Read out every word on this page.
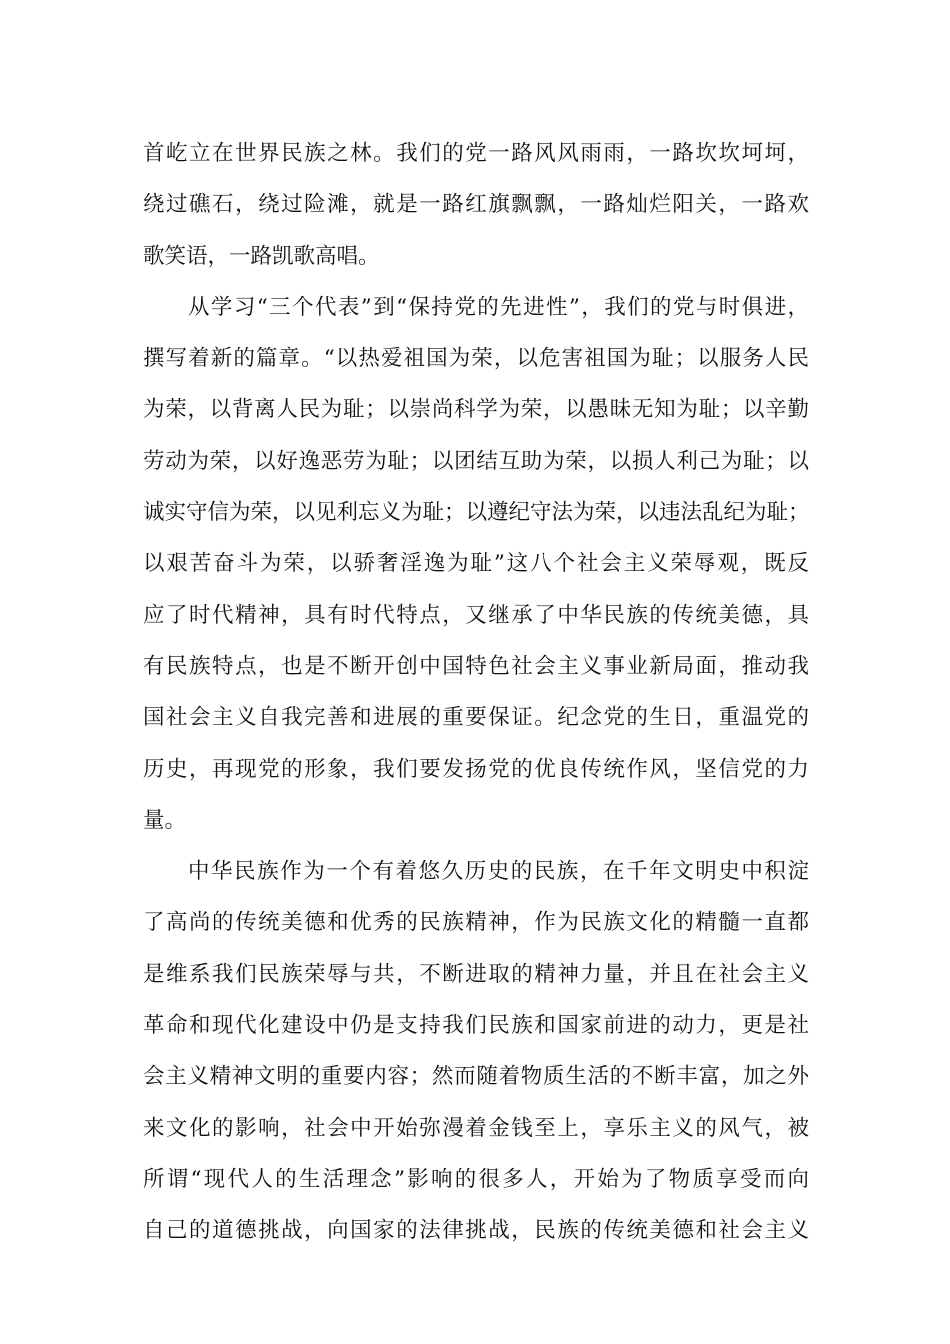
首屹立在世界民族之林。我们的党一路风风雨雨，一路坎坎坷坷，
绕过礁石，绕过险滩，就是一路红旗飘飘，一路灿烂阳关，一路欢
歌笑语，一路凯歌高唱。
从学习“三个代表”到“保持党的先进性”，我们的党与时俱进，
撰写着新的篇章。“以热爱祖国为荣，以危害祖国为耻；以服务人民
为荣，以背离人民为耻；以崇尚科学为荣，以愚昧无知为耻；以辛勤
劳动为荣，以好逸恶劳为耻；以团结互助为荣，以损人利己为耻；以
诚实守信为荣，以见利忘义为耻；以遵纪守法为荣，以违法乱纪为耻；
以艰苦奋斗为荣，以骄奢淫逸为耻”这八个社会主义荣辱观，既反
应了时代精神，具有时代特点，又继承了中华民族的传统美德，具
有民族特点，也是不断开创中国特色社会主义事业新局面，推动我
国社会主义自我完善和进展的重要保证。纪念党的生日，重温党的
历史，再现党的形象，我们要发扬党的优良传统作风，坚信党的力
量。
中华民族作为一个有着悠久历史的民族，在千年文明史中积淀
了高尚的传统美德和优秀的民族精神，作为民族文化的精髓一直都
是维系我们民族荣辱与共，不断进取的精神力量，并且在社会主义
革命和现代化建设中仍是支持我们民族和国家前进的动力，更是社
会主义精神文明的重要内容；然而随着物质生活的不断丰富，加之外
来文化的影响，社会中开始弥漫着金钱至上，享乐主义的风气，被
所谓“现代人的生活理念”影响的很多人，开始为了物质享受而向
自己的道德挑战，向国家的法律挑战，民族的传统美德和社会主义
